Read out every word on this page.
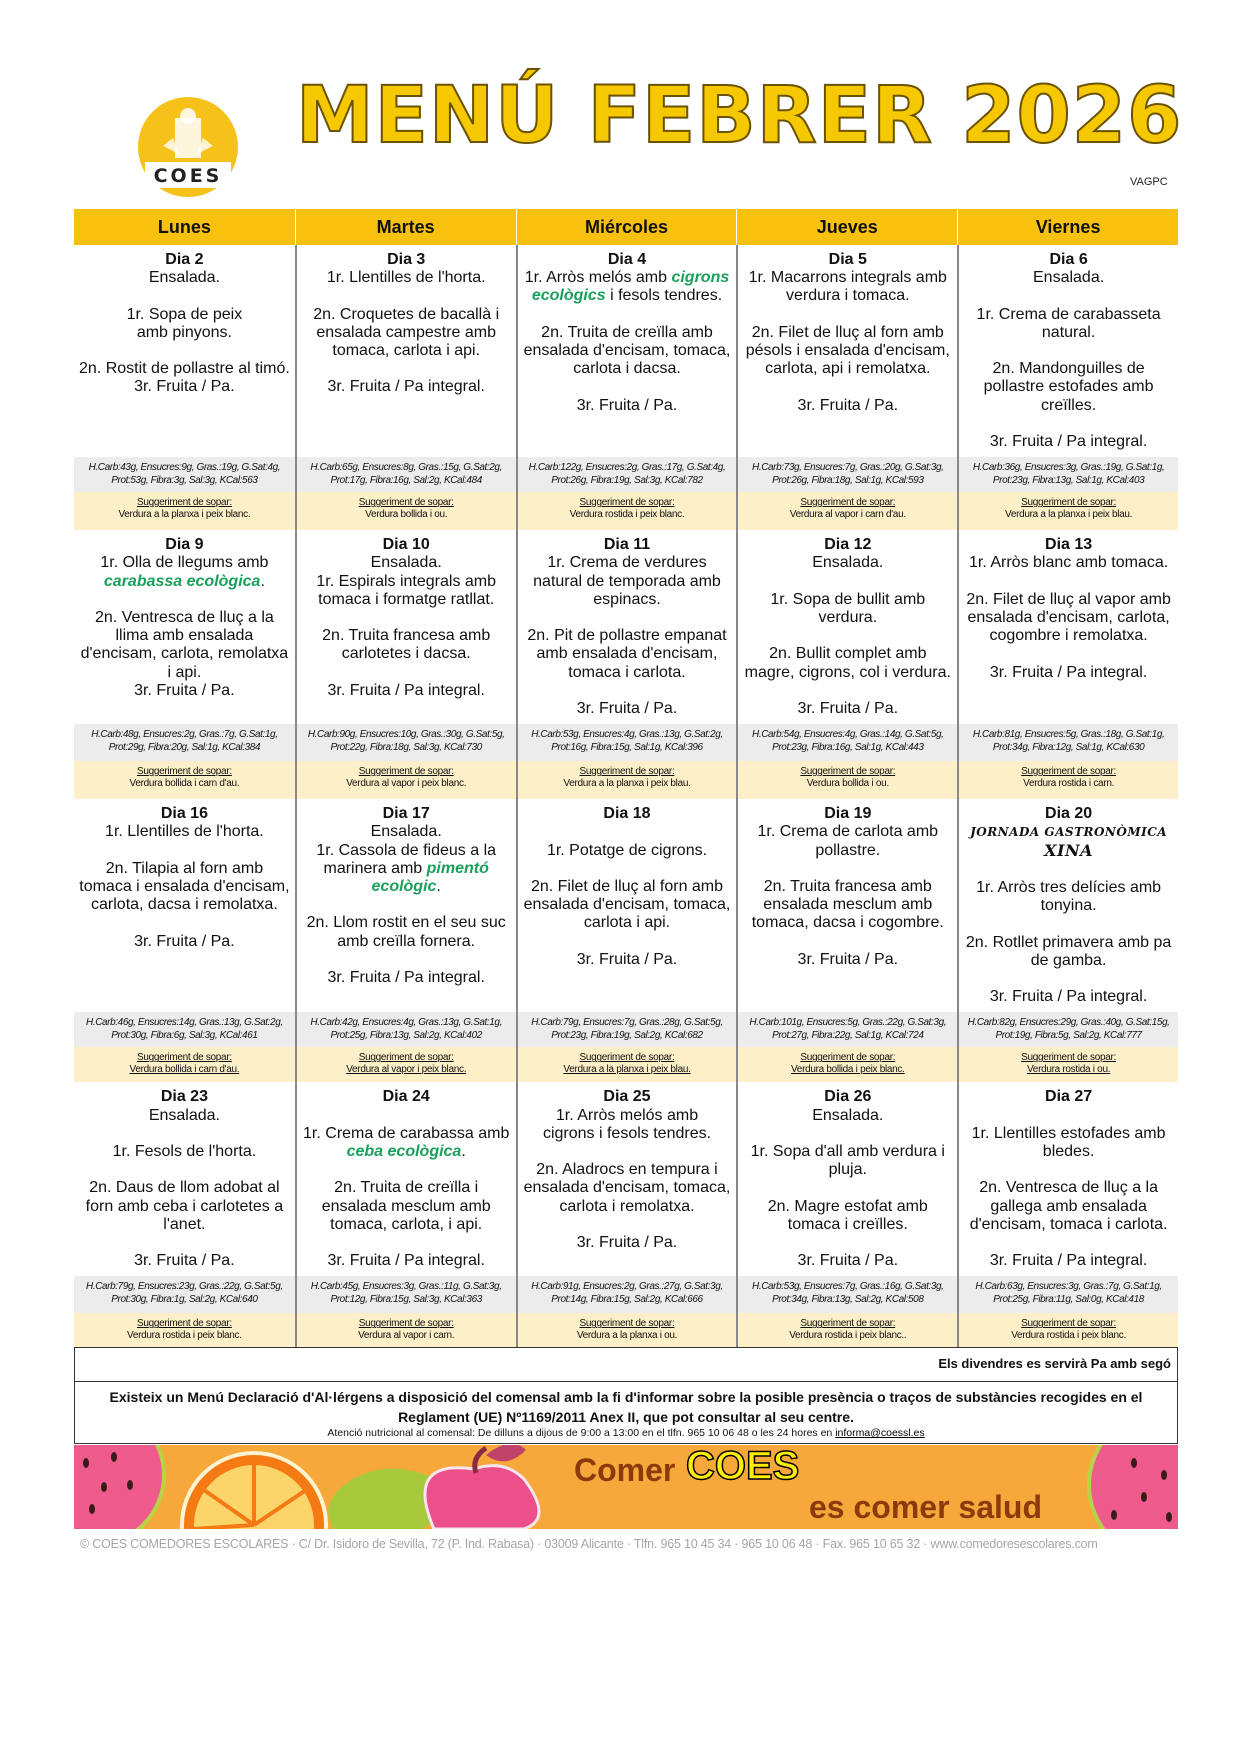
COES
MENÚ FEBRER 2026
VAGPC
Lunes	Martes	Miércoles	Jueves	Viernes
Dia 2
Ensalada.
1r. Sopa de peix
amb pinyons.
2n. Rostit de pollastre al timó.
3r. Fruita / Pa.
H.Carb:43g, Ensucres:9g, Gras.:19g, G.Sat:4g,
Prot:53g, Fibra:3g, Sal:3g, KCal:563
Suggeriment de sopar:
Verdura a la planxa i peix blanc.
Dia 3
1r. Llentilles de l'horta.
2n. Croquetes de bacallà i
ensalada campestre amb
tomaca, carlota i api.
3r. Fruita / Pa integral.
H.Carb:65g, Ensucres:8g, Gras.:15g, G.Sat:2g,
Prot:17g, Fibra:16g, Sal:2g, KCal:484
Suggeriment de sopar:
Verdura bollida i ou.
Dia 4
1r. Arròs melós amb cigrons
ecològics i fesols tendres.
2n. Truita de creïlla amb
ensalada d'encisam, tomaca,
carlota i dacsa.
3r. Fruita / Pa.
H.Carb:122g, Ensucres:2g, Gras.:17g, G.Sat:4g,
Prot:26g, Fibra:19g, Sal:3g, KCal:782
Suggeriment de sopar:
Verdura rostida i peix blanc.
Dia 5
1r. Macarrons integrals amb
verdura i tomaca.
2n. Filet de lluç al forn amb
pésols i ensalada d'encisam,
carlota, api i remolatxa.
3r. Fruita / Pa.
H.Carb:73g, Ensucres:7g, Gras.:20g, G.Sat:3g,
Prot:26g, Fibra:18g, Sal:1g, KCal:593
Suggeriment de sopar:
Verdura al vapor i carn d'au.
Dia 6
Ensalada.
1r. Crema de carabasseta
natural.
2n. Mandonguilles de
pollastre estofades amb
creïlles.
3r. Fruita / Pa integral.
H.Carb:36g, Ensucres:3g, Gras.:19g, G.Sat:1g,
Prot:23g, Fibra:13g, Sal:1g, KCal:403
Suggeriment de sopar:
Verdura a la planxa i peix blau.
Dia 9
1r. Olla de llegums amb
carabassa ecològica.
2n. Ventresca de lluç a la
llima amb ensalada
d'encisam, carlota, remolatxa
i api.
3r. Fruita / Pa.
H.Carb:48g, Ensucres:2g, Gras.:7g, G.Sat:1g,
Prot:29g, Fibra:20g, Sal:1g, KCal:384
Suggeriment de sopar:
Verdura bollida i carn d'au.
Dia 10
Ensalada.
1r. Espirals integrals amb
tomaca i formatge ratllat.
2n. Truita francesa amb
carlotetes i dacsa.
3r. Fruita / Pa integral.
H.Carb:90g, Ensucres:10g, Gras.:30g, G.Sat:5g,
Prot:22g, Fibra:18g, Sal:3g, KCal:730
Suggeriment de sopar:
Verdura al vapor i peix blanc.
Dia 11
1r. Crema de verdures
natural de temporada amb
espinacs.
2n. Pit de pollastre empanat
amb ensalada d'encisam,
tomaca i carlota.
3r. Fruita / Pa.
H.Carb:53g, Ensucres:4g, Gras.:13g, G.Sat:2g,
Prot:16g, Fibra:15g, Sal:1g, KCal:396
Suggeriment de sopar:
Verdura a la planxa i peix blau.
Dia 12
Ensalada.
1r. Sopa de bullit amb
verdura.
2n. Bullit complet amb
magre, cigrons, col i verdura.
3r. Fruita / Pa.
H.Carb:54g, Ensucres:4g, Gras.:14g, G.Sat:5g,
Prot:23g, Fibra:16g, Sal:1g, KCal:443
Suggeriment de sopar:
Verdura bollida i ou.
Dia 13
1r. Arròs blanc amb tomaca.
2n. Filet de lluç al vapor amb
ensalada d'encisam, carlota,
cogombre i remolatxa.
3r. Fruita / Pa integral.
H.Carb:81g, Ensucres:5g, Gras.:18g, G.Sat:1g,
Prot:34g, Fibra:12g, Sal:1g, KCal:630
Suggeriment de sopar:
Verdura rostida i carn.
Dia 16
1r. Llentilles de l'horta.
2n. Tilapia al forn amb
tomaca i ensalada d'encisam,
carlota, dacsa i remolatxa.
3r. Fruita / Pa.
H.Carb:46g, Ensucres:14g, Gras.:13g, G.Sat:2g,
Prot:30g, Fibra:6g, Sal:3g, KCal:461
Suggeriment de sopar:
Verdura bollida i carn d'au.
Dia 17
Ensalada.
1r. Cassola de fideus a la
marinera amb pimentó
ecològic.
2n. Llom rostit en el seu suc
amb creïlla fornera.
3r. Fruita / Pa integral.
H.Carb:42g, Ensucres:4g, Gras.:13g, G.Sat:1g,
Prot:25g, Fibra:13g, Sal:2g, KCal:402
Suggeriment de sopar:
Verdura al vapor i peix blanc.
Dia 18
1r. Potatge de cigrons.
2n. Filet de lluç al forn amb
ensalada d'encisam, tomaca,
carlota i api.
3r. Fruita / Pa.
H.Carb:79g, Ensucres:7g, Gras.:28g, G.Sat:5g,
Prot:23g, Fibra:19g, Sal:2g, KCal:682
Suggeriment de sopar:
Verdura a la planxa i peix blau.
Dia 19
1r. Crema de carlota amb
pollastre.
2n. Truita francesa amb
ensalada mesclum amb
tomaca, dacsa i cogombre.
3r. Fruita / Pa.
H.Carb:101g, Ensucres:5g, Gras.:22g, G.Sat:3g,
Prot:27g, Fibra:22g, Sal:1g, KCal:724
Suggeriment de sopar:
Verdura bollida i peix blanc.
Dia 20
JORNADA GASTRONÒMICA
XINA
1r. Arròs tres delícies amb
tonyina.
2n. Rotllet primavera amb pa
de gamba.
3r. Fruita / Pa integral.
H.Carb:82g, Ensucres:29g, Gras.:40g, G.Sat:15g,
Prot:19g, Fibra:5g, Sal:2g, KCal:777
Suggeriment de sopar:
Verdura rostida i ou.
Dia 23
Ensalada.
1r. Fesols de l'horta.
2n. Daus de llom adobat al
forn amb ceba i carlotetes a
l'anet.
3r. Fruita / Pa.
H.Carb:79g, Ensucres:23g, Gras.:22g, G.Sat:5g,
Prot:30g, Fibra:1g, Sal:2g, KCal:640
Suggeriment de sopar:
Verdura rostida i peix blanc.
Dia 24
1r. Crema de carabassa amb
ceba ecològica.
2n. Truita de creïlla i
ensalada mesclum amb
tomaca, carlota, i api.
3r. Fruita / Pa integral.
H.Carb:45g, Ensucres:3g, Gras.:11g, G.Sat:3g,
Prot:12g, Fibra:15g, Sal:3g, KCal:363
Suggeriment de sopar:
Verdura al vapor i carn.
Dia 25
1r. Arròs melós amb
cigrons i fesols tendres.
2n. Aladrocs en tempura i
ensalada d'encisam, tomaca,
carlota i remolatxa.
3r. Fruita / Pa.
H.Carb:91g, Ensucres:2g, Gras.:27g, G.Sat:3g,
Prot:14g, Fibra:15g, Sal:2g, KCal:666
Suggeriment de sopar:
Verdura a la planxa i ou.
Dia 26
Ensalada.
1r. Sopa d'all amb verdura i
pluja.
2n. Magre estofat amb
tomaca i creïlles.
3r. Fruita / Pa.
H.Carb:53g, Ensucres:7g, Gras.:16g, G.Sat:3g,
Prot:34g, Fibra:13g, Sal:2g, KCal:508
Suggeriment de sopar:
Verdura rostida i peix blanc..
Dia 27
1r. Llentilles estofades amb
bledes.
2n. Ventresca de lluç a la
gallega amb ensalada
d'encisam, tomaca i carlota.
3r. Fruita / Pa integral.
H.Carb:63g, Ensucres:3g, Gras.:7g, G.Sat:1g,
Prot:25g, Fibra:11g, Sal:0g, KCal:418
Suggeriment de sopar:
Verdura rostida i peix blanc.
Els divendres es servirà Pa amb segó
Existeix un Menú Declaració d'Al·lérgens a disposició del comensal amb la fi d'informar sobre la posible presència o traços de substàncies recogides en el
Reglament (UE) Nº1169/2011 Anex II, que pot consultar al seu centre.
Atenció nutricional al comensal: De dilluns a dijous de 9:00 a 13:00 en el tlfn. 965 10 06 48 o les 24 hores en informa@coessl.es
Comer COES
es comer salud
© COES COMEDORES ESCOLARES · C/ Dr. Isidoro de Sevilla, 72 (P. Ind. Rabasa) · 03009 Alicante · Tlfn. 965 10 45 34 · 965 10 06 48 · Fax. 965 10 65 32 · www.comedoresescolares.com
